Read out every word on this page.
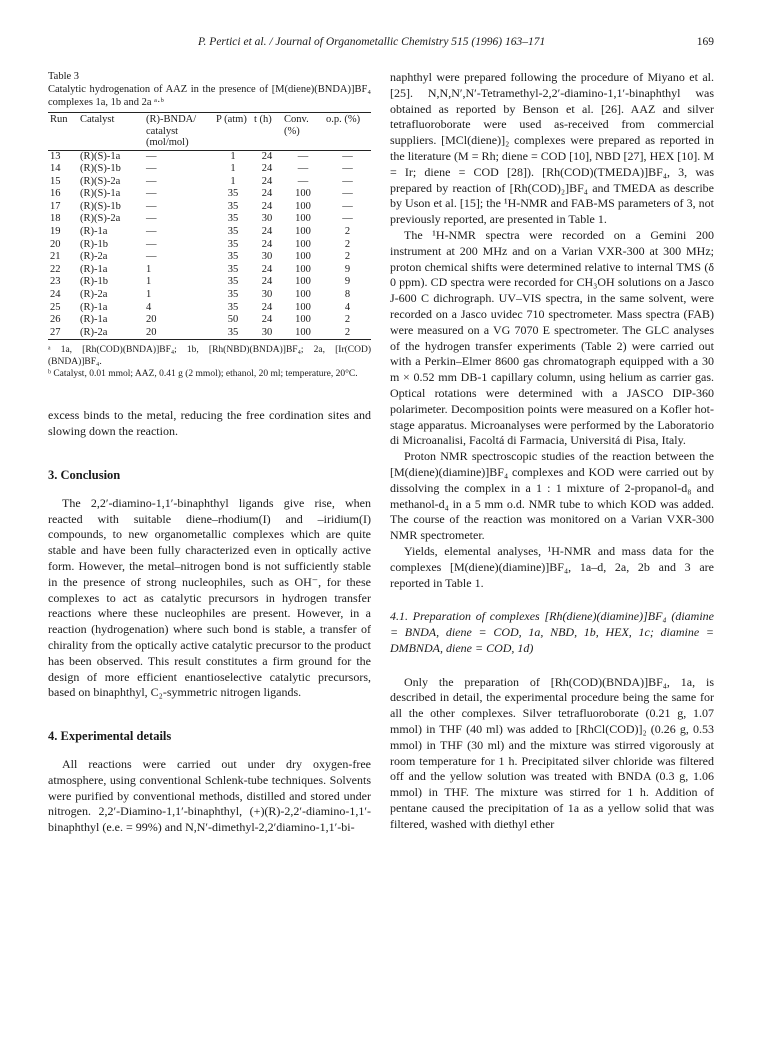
P. Pertici et al. / Journal of Organometallic Chemistry 515 (1996) 163–171	169
Table 3
Catalytic hydrogenation of AAZ in the presence of [M(diene)(BNDA)]BF₄ complexes 1a, 1b and 2a ᵃ·ᵇ
Run	Catalyst	(R)-BNDA/ catalyst (mol/mol)	P (atm)	t (h)	Conv. (%)	o.p. (%)
13	(R)(S)-1a	—	1	24	—	—
14	(R)(S)-1b	—	1	24	—	—
15	(R)(S)-2a	—	1	24	—	—
16	(R)(S)-1a	—	35	24	100	—
17	(R)(S)-1b	—	35	24	100	—
18	(R)(S)-2a	—	35	30	100	—
19	(R)-1a	—	35	24	100	2
20	(R)-1b	—	35	24	100	2
21	(R)-2a	—	35	30	100	2
22	(R)-1a	1	35	24	100	9
23	(R)-1b	1	35	24	100	9
24	(R)-2a	1	35	30	100	8
25	(R)-1a	4	35	24	100	4
26	(R)-1a	20	50	24	100	2
27	(R)-2a	20	35	30	100	2
ᵃ 1a, [Rh(COD)(BNDA)]BF₄; 1b, [Rh(NBD)(BNDA)]BF₄; 2a, [Ir(COD)(BNDA)]BF₄.
ᵇ Catalyst, 0.01 mmol; AAZ, 0.41 g (2 mmol); ethanol, 20 ml; temperature, 20°C.

excess binds to the metal, reducing the free cordination sites and slowing down the reaction.

3. Conclusion

The 2,2′-diamino-1,1′-binaphthyl ligands give rise, when reacted with suitable diene–rhodium(I) and –iridium(I) compounds, to new organometallic complexes which are quite stable and have been fully characterized even in optically active form. However, the metal–nitrogen bond is not sufficiently stable in the presence of strong nucleophiles, such as OH⁻, for these complexes to act as catalytic precursors in hydrogen transfer reactions where these nucleophiles are present. However, in a reaction (hydrogenation) where such bond is stable, a transfer of chirality from the optically active catalytic precursor to the product has been observed. This result constitutes a firm ground for the design of more efficient enantioselective catalytic precursors, based on binaphthyl, C₂-symmetric nitrogen ligands.

4. Experimental details

All reactions were carried out under dry oxygen-free atmosphere, using conventional Schlenk-tube techniques. Solvents were purified by conventional methods, distilled and stored under nitrogen. 2,2′-Diamino-1,1′-binaphthyl, (+)(R)-2,2′-diamino-1,1′-binaphthyl (e.e. = 99%) and N,N′-dimethyl-2,2′diamino-1,1′-bi-

naphthyl were prepared following the procedure of Miyano et al. [25]. N,N,N′,N′-Tetramethyl-2,2′-diamino-1,1′-binaphthyl was obtained as reported by Benson et al. [26]. AAZ and silver tetrafluoroborate were used as-received from commercial suppliers. [MCl(diene)]₂ complexes were prepared as reported in the literature (M = Rh; diene = COD [10], NBD [27], HEX [10]. M = Ir; diene = COD [28]). [Rh(COD)(TMEDA)]BF₄, 3, was prepared by reaction of [Rh(COD)₂]BF₄ and TMEDA as describe by Uson et al. [15]; the ¹H-NMR and FAB-MS parameters of 3, not previously reported, are presented in Table 1.

The ¹H-NMR spectra were recorded on a Gemini 200 instrument at 200 MHz and on a Varian VXR-300 at 300 MHz; proton chemical shifts were determined relative to internal TMS (δ 0 ppm). CD spectra were recorded for CH₃OH solutions on a Jasco J-600 C dichrograph. UV–VIS spectra, in the same solvent, were recorded on a Jasco uvidec 710 spectrometer. Mass spectra (FAB) were measured on a VG 7070 E spectrometer. The GLC analyses of the hydrogen transfer experiments (Table 2) were carried out with a Perkin–Elmer 8600 gas chromatograph equipped with a 30 m × 0.52 mm DB-1 capillary column, using helium as carrier gas. Optical rotations were determined with a JASCO DIP-360 polarimeter. Decomposition points were measured on a Kofler hot-stage apparatus. Microanalyses were performed by the Laboratorio di Microanalisi, Facoltá di Farmacia, Universitá di Pisa, Italy.

Proton NMR spectroscopic studies of the reaction between the [M(diene)(diamine)]BF₄ complexes and KOD were carried out by dissolving the complex in a 1 : 1 mixture of 2-propanol-d₈ and methanol-d₄ in a 5 mm o.d. NMR tube to which KOD was added. The course of the reaction was monitored on a Varian VXR-300 NMR spectrometer.

Yields, elemental analyses, ¹H-NMR and mass data for the complexes [M(diene)(diamine)]BF₄, 1a–d, 2a, 2b and 3 are reported in Table 1.

4.1. Preparation of complexes [Rh(diene)(diamine)]BF₄ (diamine = BNDA, diene = COD, 1a, NBD, 1b, HEX, 1c; diamine = DMBNDA, diene = COD, 1d)

Only the preparation of [Rh(COD)(BNDA)]BF₄, 1a, is described in detail, the experimental procedure being the same for all the other complexes. Silver tetrafluoroborate (0.21 g, 1.07 mmol) in THF (40 ml) was added to [RhCl(COD)]₂ (0.26 g, 0.53 mmol) in THF (30 ml) and the mixture was stirred vigorously at room temperature for 1 h. Precipitated silver chloride was filtered off and the yellow solution was treated with BNDA (0.3 g, 1.06 mmol) in THF. The mixture was stirred for 1 h. Addition of pentane caused the precipitation of 1a as a yellow solid that was filtered, washed with diethyl ether
